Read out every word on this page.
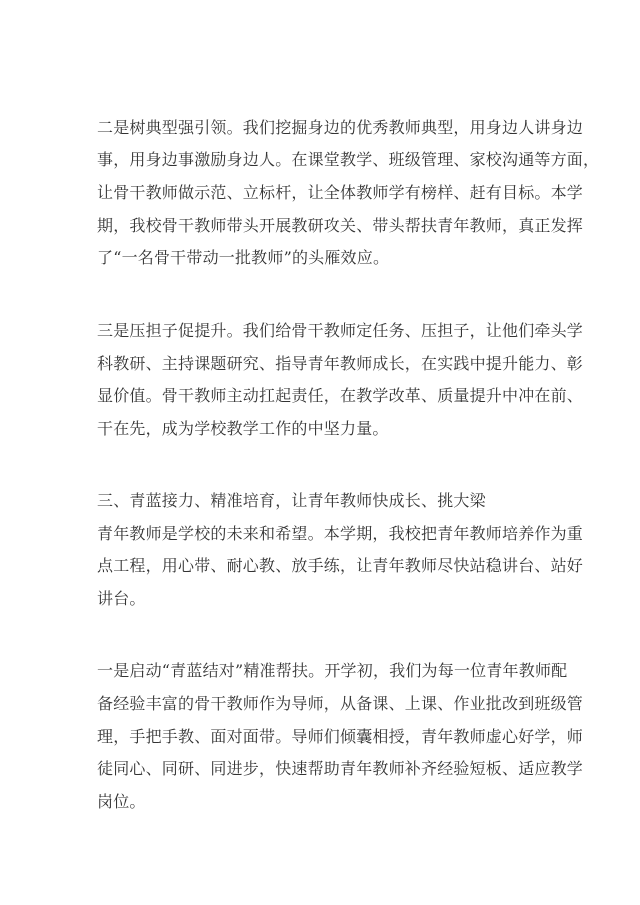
二是树典型强引领。我们挖掘身边的优秀教师典型，用身边人讲身边
事，用身边事激励身边人。在课堂教学、班级管理、家校沟通等方面，
让骨干教师做示范、立标杆，让全体教师学有榜样、赶有目标。本学
期，我校骨干教师带头开展教研攻关、带头帮扶青年教师，真正发挥
了“一名骨干带动一批教师”的头雁效应。
三是压担子促提升。我们给骨干教师定任务、压担子，让他们牵头学
科教研、主持课题研究、指导青年教师成长，在实践中提升能力、彰
显价值。骨干教师主动扛起责任，在教学改革、质量提升中冲在前、
干在先，成为学校教学工作的中坚力量。
三、青蓝接力、精准培育，让青年教师快成长、挑大梁
青年教师是学校的未来和希望。本学期，我校把青年教师培养作为重
点工程，用心带、耐心教、放手练，让青年教师尽快站稳讲台、站好
讲台。
一是启动“青蓝结对”精准帮扶。开学初，我们为每一位青年教师配
备经验丰富的骨干教师作为导师，从备课、上课、作业批改到班级管
理，手把手教、面对面带。导师们倾囊相授，青年教师虚心好学，师
徒同心、同研、同进步，快速帮助青年教师补齐经验短板、适应教学
岗位。
